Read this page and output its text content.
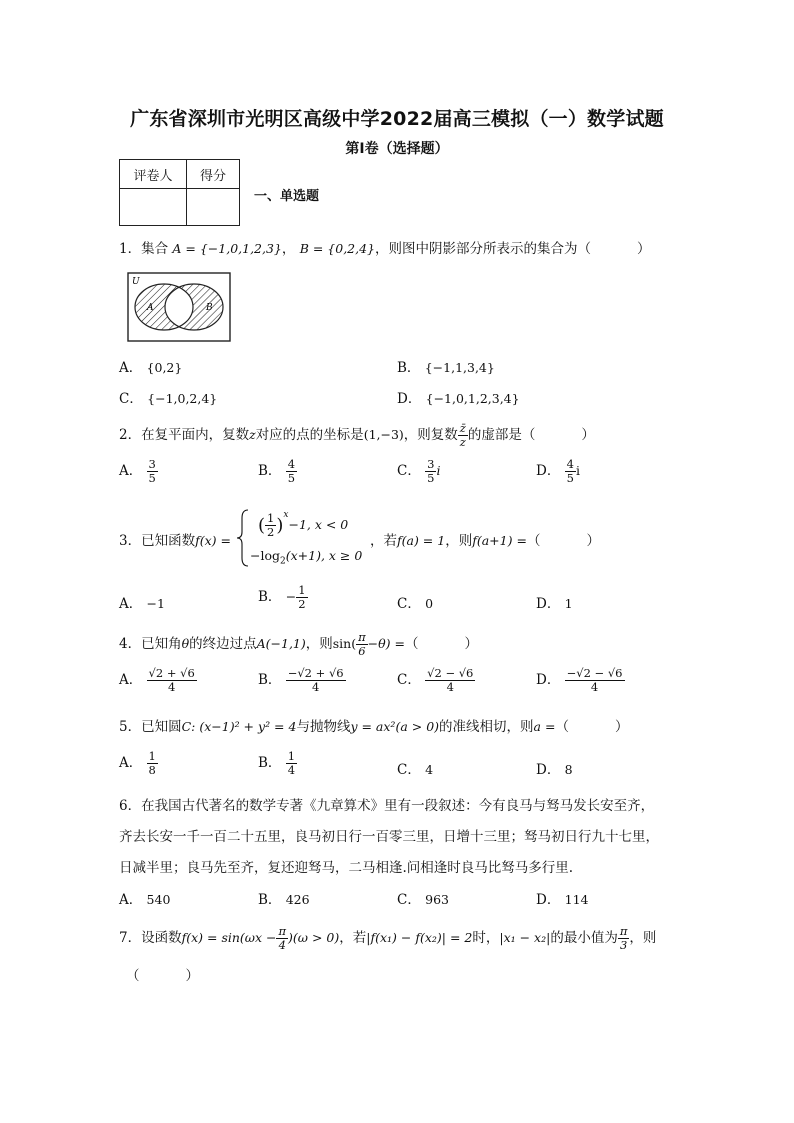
广东省深圳市光明区高级中学2022届高三模拟（一）数学试题
第I卷（选择题）
评卷人	得分

一、单选题
1．集合 A = {−1,0,1,2,3}， B = {0,2,4}，则图中阴影部分所表示的集合为（	）
U
A	B
A． {0,2}	B． {−1,1,3,4}
C． {−1,0,2,4}	D． {−1,0,1,2,3,4}
2．在复平面内，复数z对应的点的坐标是(1,−3)，则复数 $\frac{z̄}{z}$ 的虚部是（	）
A． $\frac{3}{5}$	B． $\frac{4}{5}$	C． $\frac{3}{5}$ i	D． $\frac{4}{5}$ i
3．已知函数f(x) =
( $\frac{1}{2} )^x-1$, x < 0
$-\log_2(x+1)$, x ≥ 0
，若f(a) = 1，则f(a+1) =（	）
A． −1	B． − $\frac{1}{2}$	C． 0	D． 1
4．已知角θ的终边过点A(−1,1)，则$\sin( \frac{\pi}{6} -\theta)$ =（	）
A． $\frac{√2 + √6}{4}$	B． $\frac{-√2 + √6}{4}$	C． $\frac{√2 - √6}{4}$	D． $\frac{-√2 - √6}{4}$
5．已知圆C: (x−1)² + y² = 4与抛物线y = ax²(a > 0)的准线相切，则a =（	）
A． $\frac{1}{8}$	B． $\frac{1}{4}$	C． 4	D． 8
6．在我国古代著名的数学专著《九章算术》里有一段叙述：今有良马与驽马发长安至齐，
齐去长安一千一百二十五里，良马初日行一百零三里，日增十三里；驽马初日行九十七里，
日减半里；良马先至齐，复还迎驽马，二马相逢.问相逢时良马比驽马多行里.
A． 540	B． 426	C． 963	D． 114
7．设函数$f(x) = \sin(\omega x - \frac{\pi}{4} )(\omega > 0)$，若|f(x₁) − f(x₂)| = 2时，|x₁ − x₂|的最小值为 $\frac{\pi}{3}$ ，则
（	）
